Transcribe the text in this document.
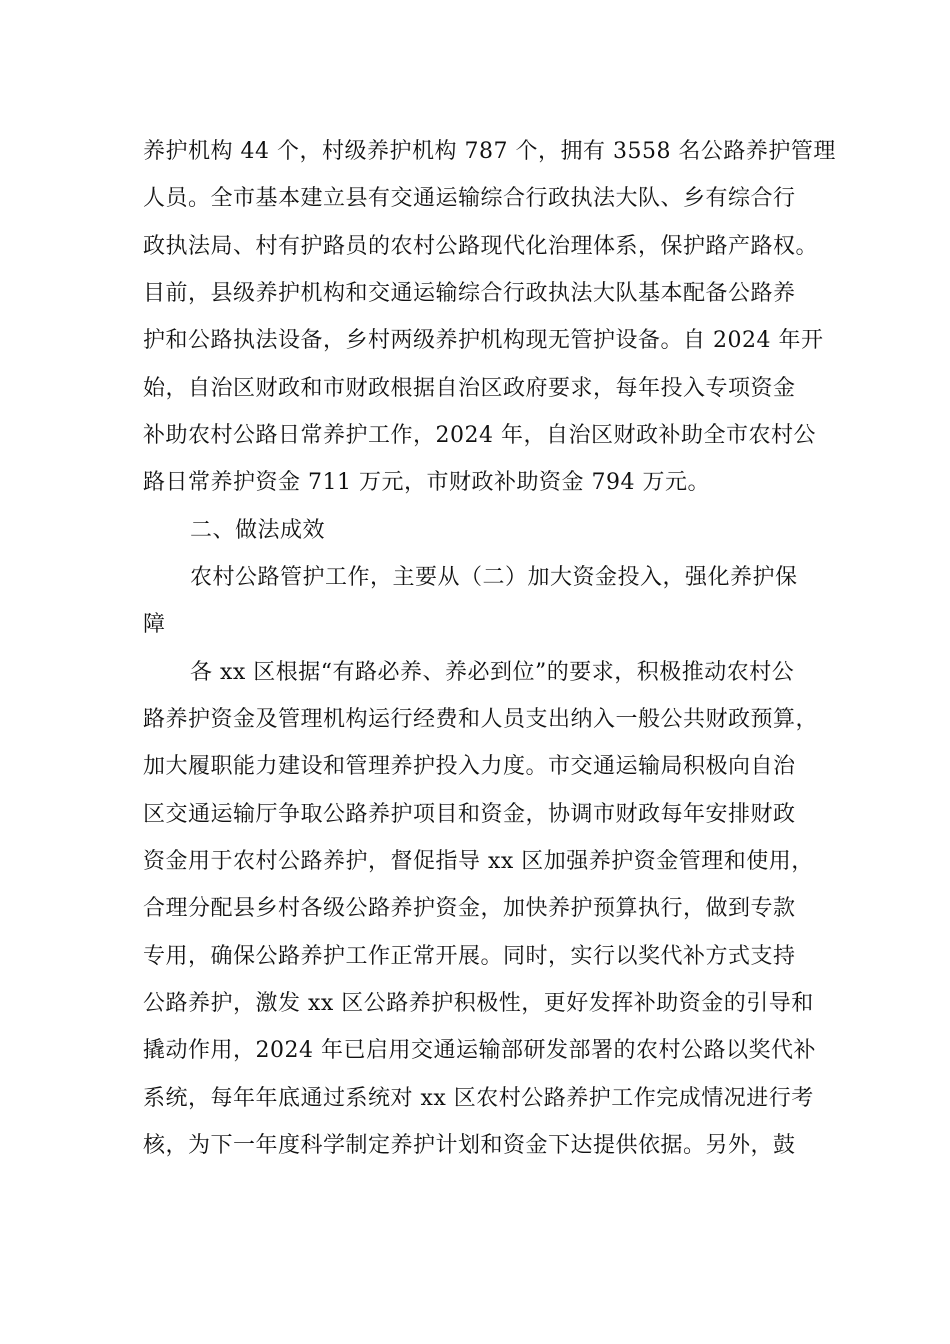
养护机构 44 个，村级养护机构 787 个，拥有 3558 名公路养护管理
人员。全市基本建立县有交通运输综合行政执法大队、乡有综合行
政执法局、村有护路员的农村公路现代化治理体系，保护路产路权。
目前，县级养护机构和交通运输综合行政执法大队基本配备公路养
护和公路执法设备，乡村两级养护机构现无管护设备。自 2024 年开
始，自治区财政和市财政根据自治区政府要求，每年投入专项资金
补助农村公路日常养护工作，2024 年，自治区财政补助全市农村公
路日常养护资金 711 万元，市财政补助资金 794 万元。
二、做法成效
农村公路管护工作，主要从（二）加大资金投入，强化养护保
障
各 xx 区根据“有路必养、养必到位”的要求，积极推动农村公
路养护资金及管理机构运行经费和人员支出纳入一般公共财政预算，
加大履职能力建设和管理养护投入力度。市交通运输局积极向自治
区交通运输厅争取公路养护项目和资金，协调市财政每年安排财政
资金用于农村公路养护，督促指导 xx 区加强养护资金管理和使用，
合理分配县乡村各级公路养护资金，加快养护预算执行，做到专款
专用，确保公路养护工作正常开展。同时，实行以奖代补方式支持
公路养护，激发 xx 区公路养护积极性，更好发挥补助资金的引导和
撬动作用，2024 年已启用交通运输部研发部署的农村公路以奖代补
系统，每年年底通过系统对 xx 区农村公路养护工作完成情况进行考
核，为下一年度科学制定养护计划和资金下达提供依据。另外，鼓
